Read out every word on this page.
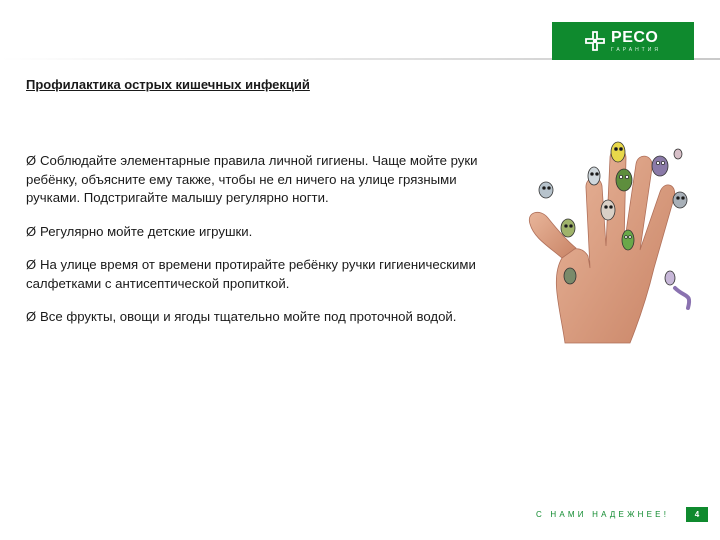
PECO
ГАРАНТИЯ
Профилактика острых кишечных инфекций
Ø Соблюдайте элементарные правила личной гигиены. Чаще мойте руки ребёнку, объясните ему также, чтобы не ел ничего на улице грязными ручками. Подстригайте малышу регулярно ногти.
Ø Регулярно мойте детские игрушки.
Ø На улице время от времени протирайте ребёнку ручки гигиеническими салфетками с антисептической пропиткой.
Ø Все фрукты, овощи и ягоды тщательно мойте под проточной водой.
С НАМИ НАДЕЖНЕЕ!	4
